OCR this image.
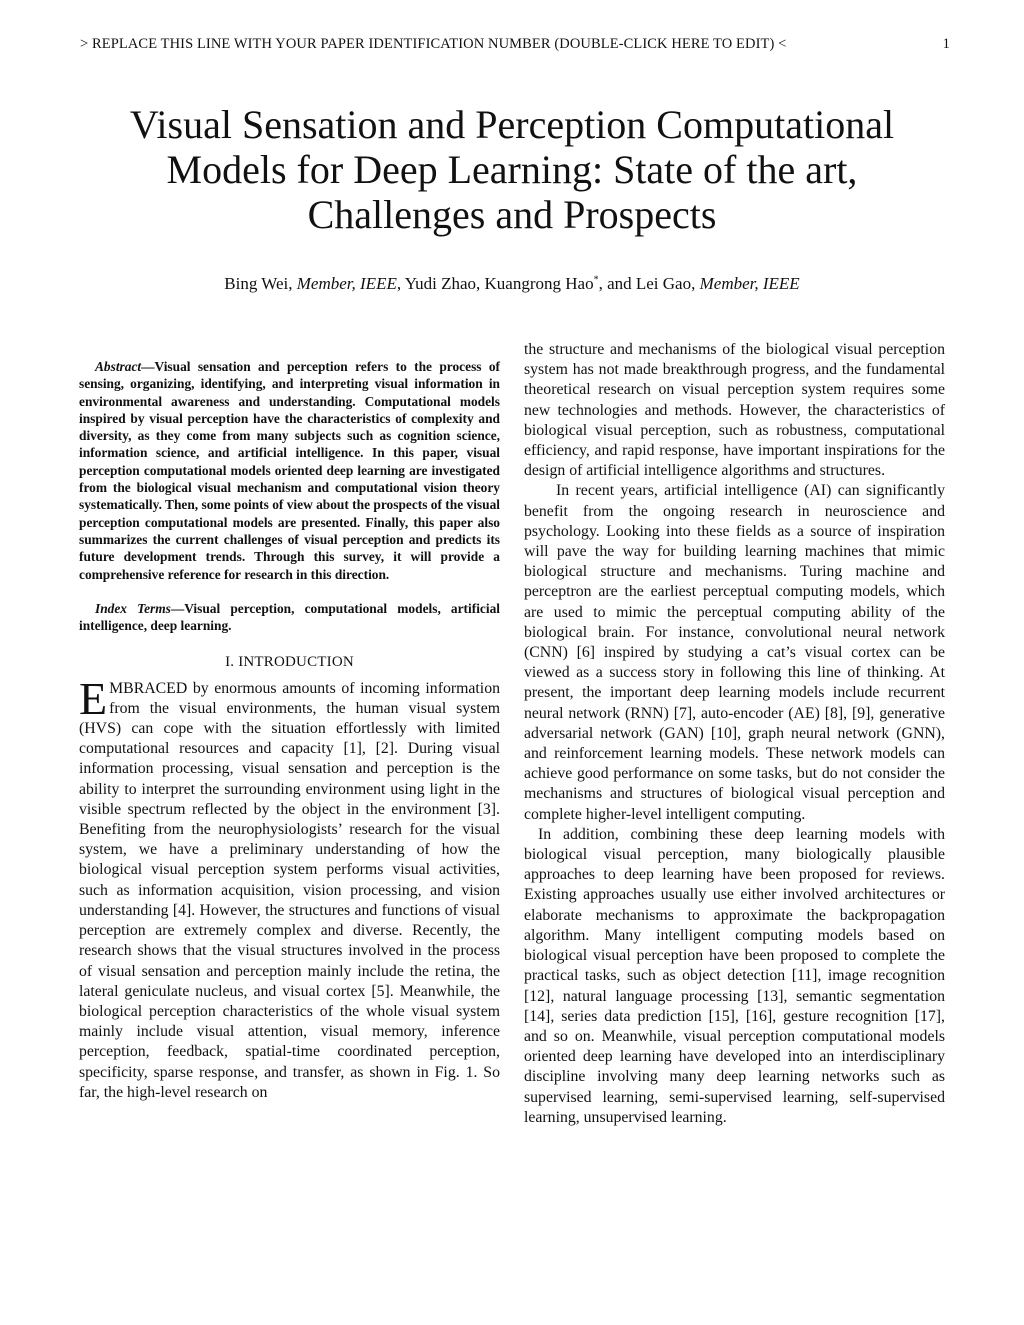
> REPLACE THIS LINE WITH YOUR PAPER IDENTIFICATION NUMBER (DOUBLE-CLICK HERE TO EDIT) <	1
Visual Sensation and Perception Computational
Models for Deep Learning: State of the art,
Challenges and Prospects
Bing Wei, Member, IEEE, Yudi Zhao, Kuangrong Hao*, and Lei Gao, Member, IEEE

Abstract—Visual sensation and perception refers to the process of sensing, organizing, identifying, and interpreting visual information in environmental awareness and understanding. Computational models inspired by visual perception have the characteristics of complexity and diversity, as they come from many subjects such as cognition science, information science, and artificial intelligence. In this paper, visual perception computational models oriented deep learning are investigated from the biological visual mechanism and computational vision theory systematically. Then, some points of view about the prospects of the visual perception computational models are presented. Finally, this paper also summarizes the current challenges of visual perception and predicts its future development trends. Through this survey, it will provide a comprehensive reference for research in this direction.

Index Terms—Visual perception, computational models, artificial intelligence, deep learning.

I. INTRODUCTION

EMBRACED by enormous amounts of incoming information from the visual environments, the human visual system (HVS) can cope with the situation effortlessly with limited computational resources and capacity [1], [2]. During visual information processing, visual sensation and perception is the ability to interpret the surrounding environment using light in the visible spectrum reflected by the object in the environment [3]. Benefiting from the neurophysiologists’ research for the visual system, we have a preliminary understanding of how the biological visual perception system performs visual activities, such as information acquisition, vision processing, and vision understanding [4]. However, the structures and functions of visual perception are extremely complex and diverse. Recently, the research shows that the visual structures involved in the process of visual sensation and perception mainly include the retina, the lateral geniculate nucleus, and visual cortex [5]. Meanwhile, the biological perception characteristics of the whole visual system mainly include visual attention, visual memory, inference perception, feedback, spatial-time coordinated perception, specificity, sparse response, and transfer, as shown in Fig. 1. So far, the high-level research on

the structure and mechanisms of the biological visual perception system has not made breakthrough progress, and the fundamental theoretical research on visual perception system requires some new technologies and methods. However, the characteristics of biological visual perception, such as robustness, computational efficiency, and rapid response, have important inspirations for the design of artificial intelligence algorithms and structures.

In recent years, artificial intelligence (AI) can significantly benefit from the ongoing research in neuroscience and psychology. Looking into these fields as a source of inspiration will pave the way for building learning machines that mimic biological structure and mechanisms. Turing machine and perceptron are the earliest perceptual computing models, which are used to mimic the perceptual computing ability of the biological brain. For instance, convolutional neural network (CNN) [6] inspired by studying a cat’s visual cortex can be viewed as a success story in following this line of thinking. At present, the important deep learning models include recurrent neural network (RNN) [7], auto-encoder (AE) [8], [9], generative adversarial network (GAN) [10], graph neural network (GNN), and reinforcement learning models. These network models can achieve good performance on some tasks, but do not consider the mechanisms and structures of biological visual perception and complete higher-level intelligent computing.

In addition, combining these deep learning models with biological visual perception, many biologically plausible approaches to deep learning have been proposed for reviews. Existing approaches usually use either involved architectures or elaborate mechanisms to approximate the backpropagation algorithm. Many intelligent computing models based on biological visual perception have been proposed to complete the practical tasks, such as object detection [11], image recognition [12], natural language processing [13], semantic segmentation [14], series data prediction [15], [16], gesture recognition [17], and so on. Meanwhile, visual perception computational models oriented deep learning have developed into an interdisciplinary discipline involving many deep learning networks such as supervised learning, semi-supervised learning, self-supervised learning, unsupervised learning.
